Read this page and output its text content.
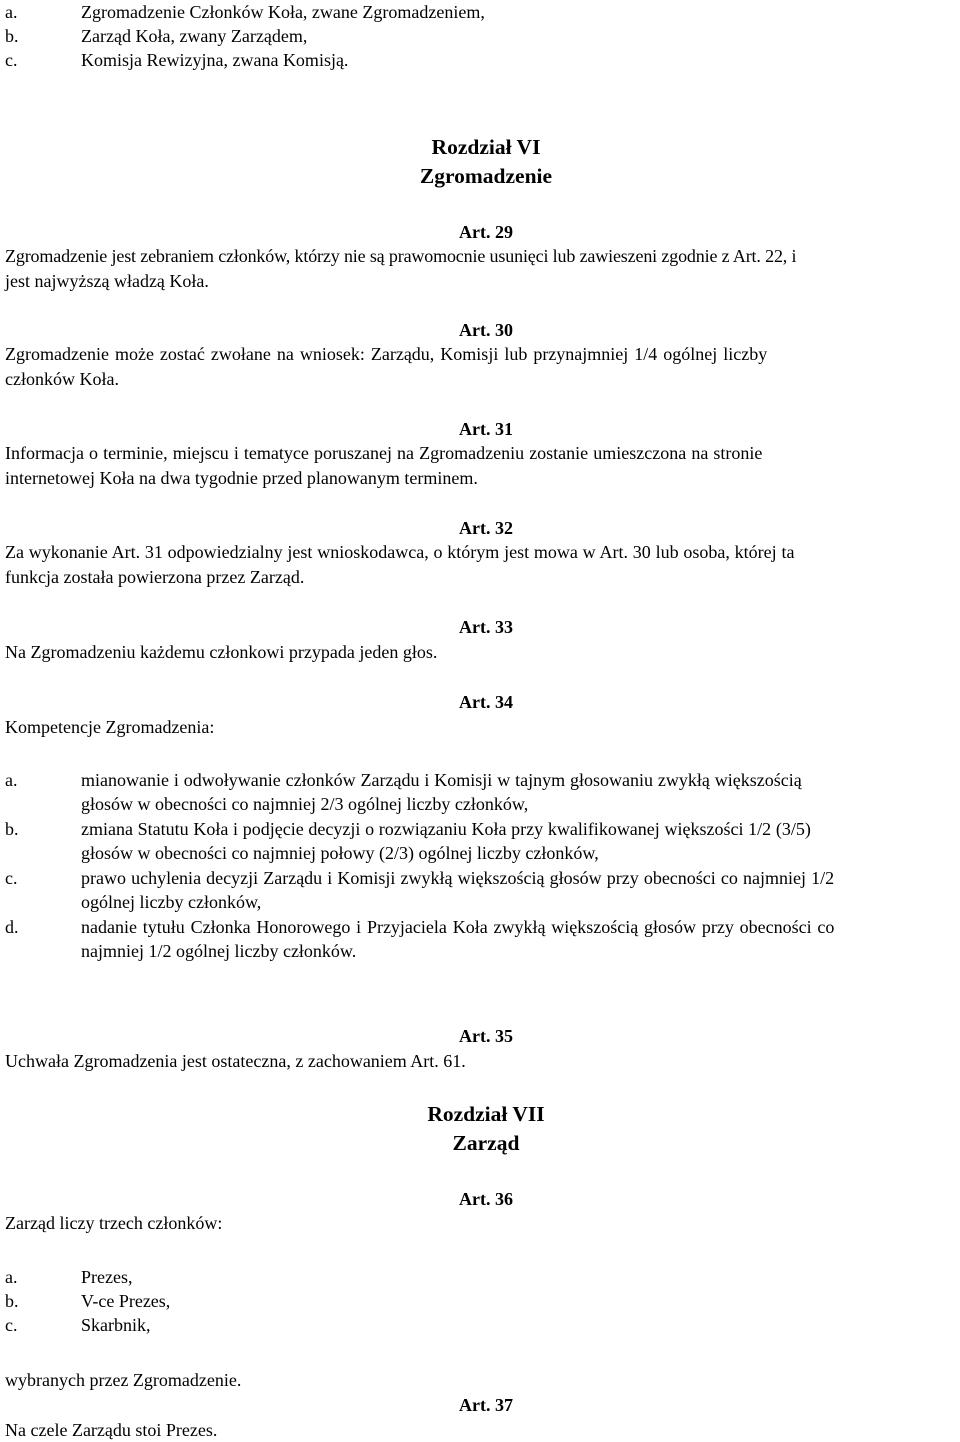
a.	Zgromadzenie Członków Koła, zwane Zgromadzeniem,
b.	Zarząd Koła, zwany Zarządem,
c.	Komisja Rewizyjna, zwana Komisją.
Rozdział VI
Zgromadzenie
Art. 29
Zgromadzenie jest zebraniem członków, którzy nie są prawomocnie usunięci lub zawieszeni zgodnie z Art. 22, i
jest najwyższą władzą Koła.
Art. 30
Zgromadzenie może zostać zwołane na wniosek: Zarządu, Komisji lub przynajmniej 1/4 ogólnej liczby
członków Koła.
Art. 31
Informacja o terminie, miejscu i tematyce poruszanej na Zgromadzeniu zostanie umieszczona na stronie
internetowej Koła na dwa tygodnie przed planowanym terminem.
Art. 32
Za wykonanie Art. 31 odpowiedzialny jest wnioskodawca, o którym jest mowa w Art. 30 lub osoba, której ta
funkcja została powierzona przez Zarząd.
Art. 33
Na Zgromadzeniu każdemu członkowi przypada jeden głos.
Art. 34
Kompetencje Zgromadzenia:
a.	mianowanie i odwoływanie członków Zarządu i Komisji w tajnym głosowaniu zwykłą większością
głosów w obecności co najmniej 2/3 ogólnej liczby członków,
b.	zmiana Statutu Koła i podjęcie decyzji o rozwiązaniu Koła przy kwalifikowanej większości 1/2 (3/5)
głosów w obecności co najmniej połowy (2/3) ogólnej liczby członków,
c.	prawo uchylenia decyzji Zarządu i Komisji zwykłą większością głosów przy obecności co najmniej 1/2
ogólnej liczby członków,
d.	nadanie tytułu Członka Honorowego i Przyjaciela Koła zwykłą większością głosów przy obecności co
najmniej 1/2 ogólnej liczby członków.
Art. 35
Uchwała Zgromadzenia jest ostateczna, z zachowaniem Art. 61.
Rozdział VII
Zarząd
Art. 36
Zarząd liczy trzech członków:
a.	Prezes,
b.	V-ce Prezes,
c.	Skarbnik,
wybranych przez Zgromadzenie.
Art. 37
Na czele Zarządu stoi Prezes.
